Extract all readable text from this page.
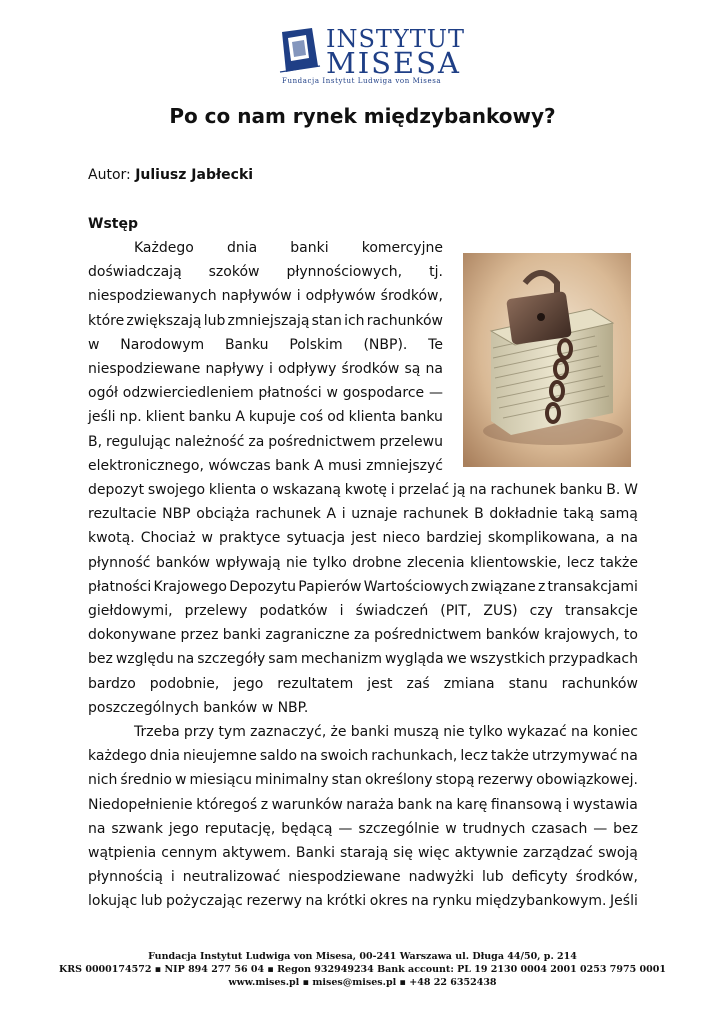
INSTYTUT
MISESA
Fundacja Instytut Ludwiga von Misesa
Po co nam rynek międzybankowy?
Autor: Juliusz Jabłecki
Wstęp
Każdego dnia banki komercyjne
doświadczają szoków płynnościowych, tj.
niespodziewanych napływów i odpływów środków,
które zwiększają lub zmniejszają stan ich rachunków
w Narodowym Banku Polskim (NBP). Te
niespodziewane napływy i odpływy środków są na
ogół odzwierciedleniem płatności w gospodarce —
jeśli np. klient banku A kupuje coś od klienta banku
B, regulując należność za pośrednictwem przelewu
elektronicznego, wówczas bank A musi zmniejszyć
depozyt swojego klienta o wskazaną kwotę i przelać ją na rachunek banku B. W
rezultacie NBP obciąża rachunek A i uznaje rachunek B dokładnie taką samą
kwotą. Chociaż w praktyce sytuacja jest nieco bardziej skomplikowana, a na
płynność banków wpływają nie tylko drobne zlecenia klientowskie, lecz także
płatności Krajowego Depozytu Papierów Wartościowych związane z transakcjami
giełdowymi, przelewy podatków i świadczeń (PIT, ZUS) czy transakcje
dokonywane przez banki zagraniczne za pośrednictwem banków krajowych, to
bez względu na szczegóły sam mechanizm wygląda we wszystkich przypadkach
bardzo podobnie, jego rezultatem jest zaś zmiana stanu rachunków
poszczególnych banków w NBP.
Trzeba przy tym zaznaczyć, że banki muszą nie tylko wykazać na koniec
każdego dnia nieujemne saldo na swoich rachunkach, lecz także utrzymywać na
nich średnio w miesiącu minimalny stan określony stopą rezerwy obowiązkowej.
Niedopełnienie któregoś z warunków naraża bank na karę finansową i wystawia
na szwank jego reputację, będącą — szczególnie w trudnych czasach — bez
wątpienia cennym aktywem. Banki starają się więc aktywnie zarządzać swoją
płynnością i neutralizować niespodziewane nadwyżki lub deficyty środków,
lokując lub pożyczając rezerwy na krótki okres na rynku międzybankowym. Jeśli
Fundacja Instytut Ludwiga von Misesa, 00-241 Warszawa ul. Długa 44/50, p. 214
KRS 0000174572 ▪ NIP 894 277 56 04 ▪ Regon 932949234 Bank account: PL 19 2130 0004 2001 0253 7975 0001
www.mises.pl ▪ mises@mises.pl ▪ +48 22 6352438
